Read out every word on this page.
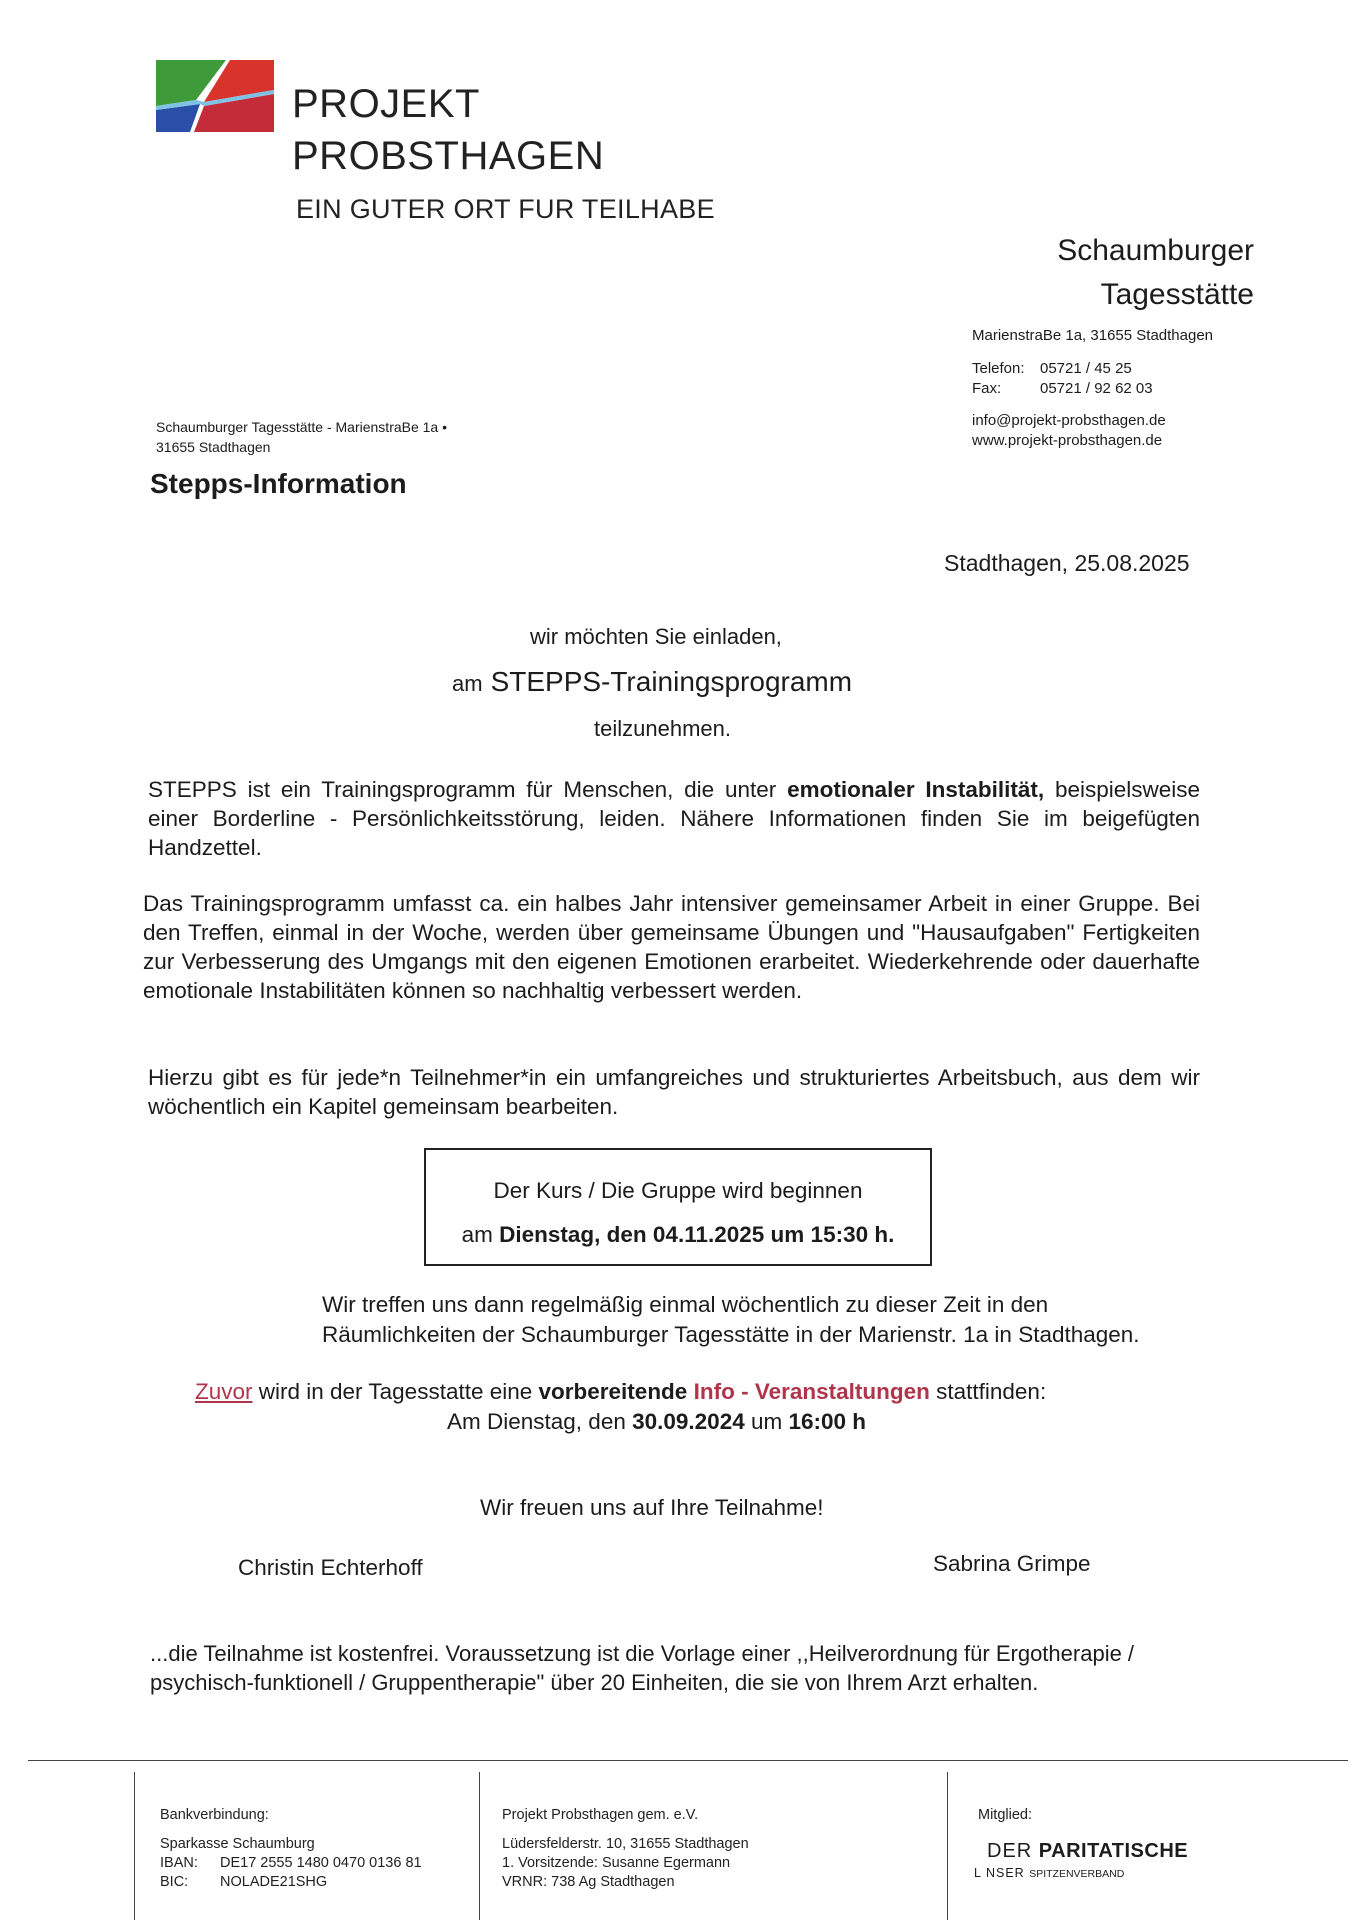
PROJEKT
PROBSTHAGEN
EIN GUTER ORT FUR TEILHABE
Schaumburger
Tagesstätte
MarienstraBe 1a, 31655 Stadthagen
Telefon: 05721 / 45 25
Fax:	05721 / 92 62 03
info@projekt-probsthagen.de
www.projekt-probsthagen.de
Schaumburger Tagesstätte - MarienstraBe 1a •
31655 Stadthagen
Stepps-Information
Stadthagen, 25.08.2025
wir möchten Sie einladen,
am STEPPS-Trainingsprogramm
teilzunehmen.
STEPPS ist ein Trainingsprogramm für Menschen, die unter emotionaler Instabilität, beispielsweise einer Borderline - Persönlichkeitsstörung, leiden. Nähere Informationen finden Sie im beigefügten Handzettel.
Das Trainingsprogramm umfasst ca. ein halbes Jahr intensiver gemeinsamer Arbeit in einer Gruppe. Bei den Treffen, einmal in der Woche, werden über gemeinsame Übungen und "Hausaufgaben" Fertigkeiten zur Verbesserung des Umgangs mit den eigenen Emotionen erarbeitet. Wiederkehrende oder dauerhafte emotionale Instabilitäten können so nachhaltig verbessert werden.
Hierzu gibt es für jede*n Teilnehmer*in ein umfangreiches und strukturiertes Arbeitsbuch, aus dem wir wöchentlich ein Kapitel gemeinsam bearbeiten.
Der Kurs / Die Gruppe wird beginnen
am Dienstag, den 04.11.2025 um 15:30 h.
Wir treffen uns dann regelmäßig einmal wöchentlich zu dieser Zeit in den
Räumlichkeiten der Schaumburger Tagesstätte in der Marienstr. 1a in Stadthagen.
Zuvor wird in der Tagesstatte eine vorbereitende Info - Veranstaltungen stattfinden:
Am Dienstag, den 30.09.2024 um 16:00 h
Wir freuen uns auf Ihre Teilnahme!
Christin Echterhoff	Sabrina Grimpe
...die Teilnahme ist kostenfrei. Voraussetzung ist die Vorlage einer ,,Heilverordnung für Ergotherapie / psychisch-funktionell / Gruppentherapie" über 20 Einheiten, die sie von Ihrem Arzt erhalten.
Bankverbindung:
Sparkasse Schaumburg
IBAN: DE17 2555 1480 0470 0136 81
BIC: NOLADE21SHG
Projekt Probsthagen gem. e.V.
Lüdersfelderstr. 10, 31655 Stadthagen
1. Vorsitzende: Susanne Egermann
VRNR: 738 Ag Stadthagen
Mitglied:
DER PARITATISCHE
L NSER SPITZENVERBAND
